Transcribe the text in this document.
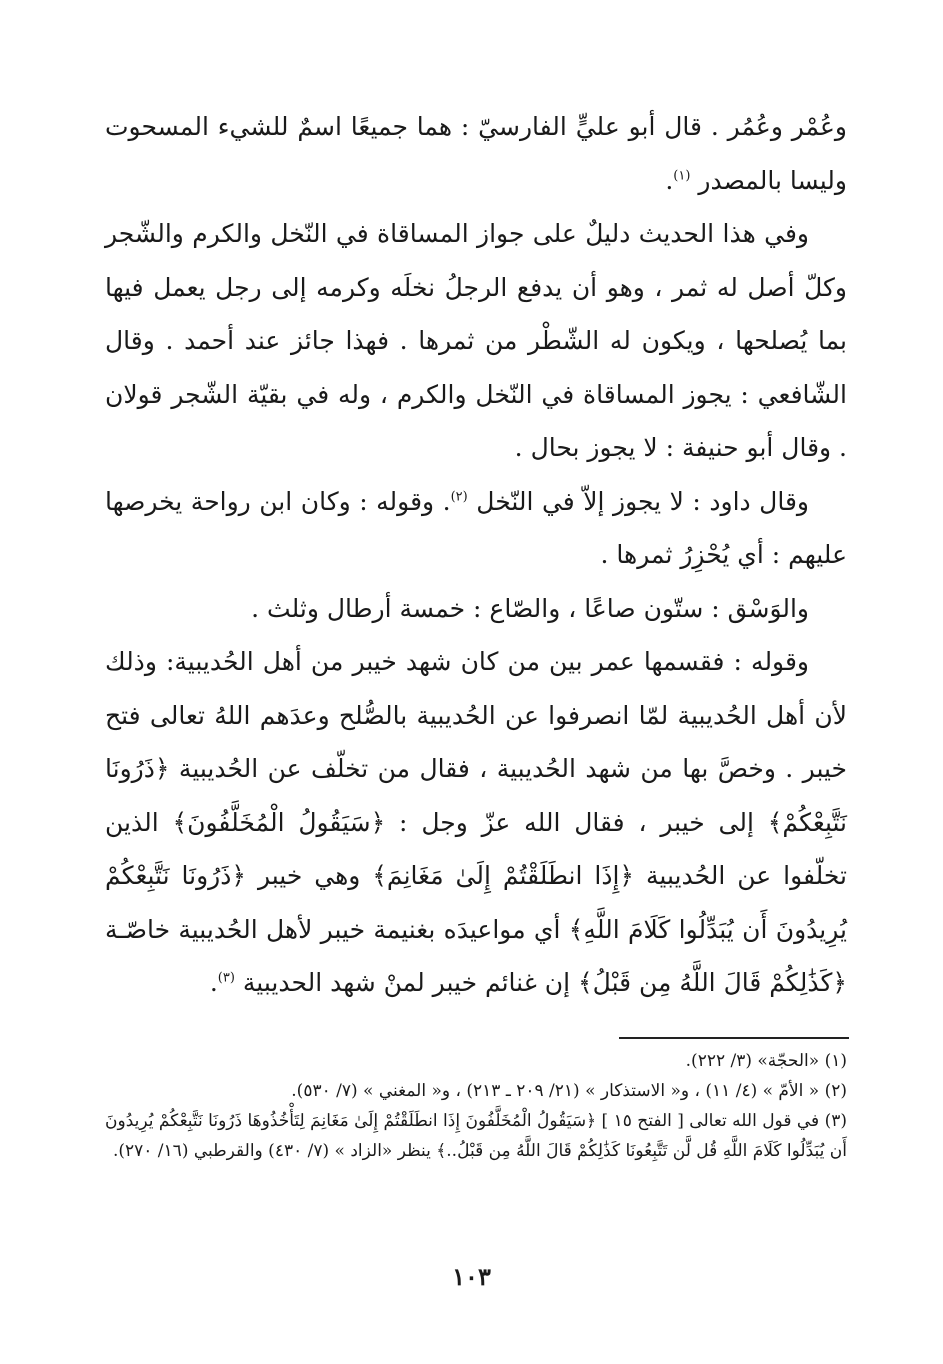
وعُمْر وعُمُر . قال أبو عليٍّ الفارسيّ : هما جميعًا اسمٌ للشيء المسحوت وليسا بالمصدر $^{(١)}$.

وفي هذا الحديث دليلٌ على جواز المساقاة في النّخل والكرم والشّجر وكلّ أصل له ثمر ، وهو أن يدفع الرجلُ نخلَه وكرمه إلى رجل يعمل فيها بما يُصلحها ، ويكون له الشّطْر من ثمرها . فهذا جائز عند أحمد . وقال الشّافعي : يجوز المساقاة في النّخل والكرم ، وله في بقيّة الشّجر قولان . وقال أبو حنيفة : لا يجوز بحال .

وقال داود : لا يجوز إلاّ في النّخل $^{(٢)}$. وقوله : وكان ابن رواحة يخرصها عليهم : أي يُحْزِرُ ثمرها .

والوَسْق : ستّون صاعًا ، والصّاع : خمسة أرطال وثلث .

وقوله : فقسمها عمر بين من كان شهد خيبر من أهل الحُديبية: وذلك لأن أهل الحُديبية لمّا انصرفوا عن الحُديبية بالصُّلح وعدَهم اللهُ تعالى فتح خيبر . وخصَّ بها من شهد الحُديبية ، فقال من تخلّف عن الحُديبية ﴿ذَرُونَا نَتَّبِعْكُمْ﴾ إلى خيبر ، فقال الله عزّ وجل : ﴿سَيَقُولُ الْمُخَلَّفُونَ﴾ الذين تخلّفوا عن الحُديبية ﴿إِذَا انطَلَقْتُمْ إِلَىٰ مَغَانِمَ﴾ وهي خيبر ﴿ذَرُونَا نَتَّبِعْكُمْ يُرِيدُونَ أَن يُبَدِّلُوا كَلَامَ اللَّهِ﴾ أي مواعيدَه بغنيمة خيبر لأهل الحُديبية خاصّـة ﴿كَذَٰلِكُمْ قَالَ اللَّهُ مِن قَبْلُ﴾ إن غنائم خيبر لمنْ شهد الحديبية $^{(٣)}$.

(١) «الحجّة» (٣/ ٢٢٢).

(٢) « الأمّ » (٤/ ١١) ، و« الاستذكار » (٢١/ ٢٠٩ ـ ٢١٣) ، و« المغني » (٧/ ٥٣٠).

(٣) في قول الله تعالى [ الفتح ١٥ ] ﴿سَيَقُولُ الْمُخَلَّفُونَ إِذَا انطَلَقْتُمْ إِلَىٰ مَغَانِمَ لِتَأْخُذُوهَا ذَرُونَا نَتَّبِعْكُمْ يُرِيدُونَ أَن يُبَدِّلُوا كَلَامَ اللَّهِ قُل لَّن تَتَّبِعُونَا كَذَٰلِكُمْ قَالَ اللَّهُ مِن قَبْلُ..﴾ ينظر «الزاد » (٧/ ٤٣٠) والقرطبي (١٦/ ٢٧٠).

١٠٣
